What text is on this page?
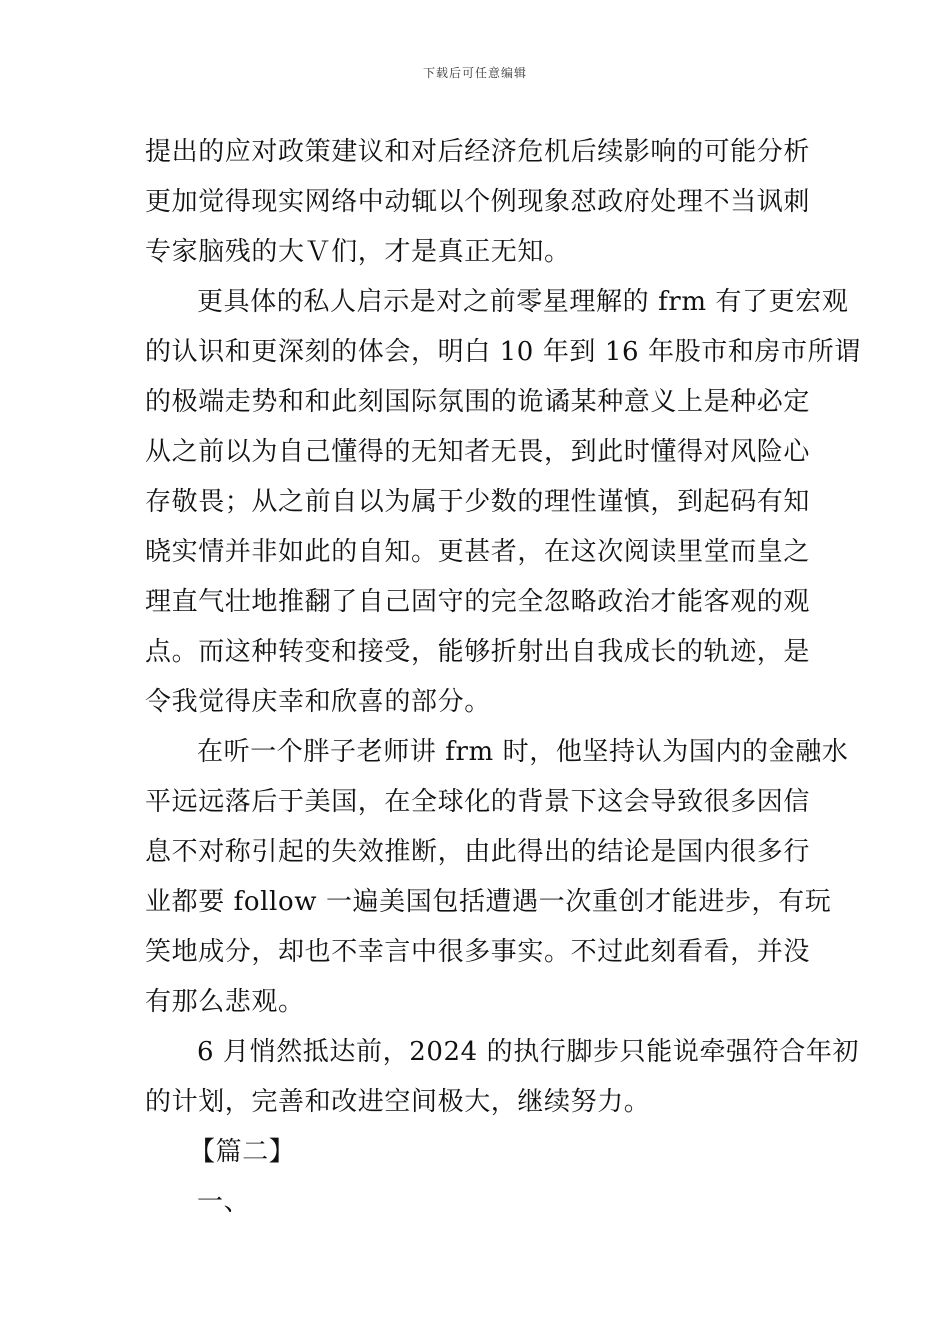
下载后可任意编辑
提出的应对政策建议和对后经济危机后续影响的可能分析
更加觉得现实网络中动辄以个例现象怼政府处理不当讽刺
专家脑残的大Ｖ们，才是真正无知。
更具体的私人启示是对之前零星理解的 frm 有了更宏观
的认识和更深刻的体会，明白 10 年到 16 年股市和房市所谓
的极端走势和和此刻国际氛围的诡谲某种意义上是种必定
从之前以为自己懂得的无知者无畏，到此时懂得对风险心
存敬畏；从之前自以为属于少数的理性谨慎，到起码有知
晓实情并非如此的自知。更甚者，在这次阅读里堂而皇之
理直气壮地推翻了自己固守的完全忽略政治才能客观的观
点。而这种转变和接受，能够折射出自我成长的轨迹，是
令我觉得庆幸和欣喜的部分。
在听一个胖子老师讲 frm 时，他坚持认为国内的金融水
平远远落后于美国，在全球化的背景下这会导致很多因信
息不对称引起的失效推断，由此得出的结论是国内很多行
业都要 follow 一遍美国包括遭遇一次重创才能进步，有玩
笑地成分，却也不幸言中很多事实。不过此刻看看，并没
有那么悲观。
6 月悄然抵达前，2024 的执行脚步只能说牵强符合年初
的计划，完善和改进空间极大，继续努力。
【篇二】
一、
